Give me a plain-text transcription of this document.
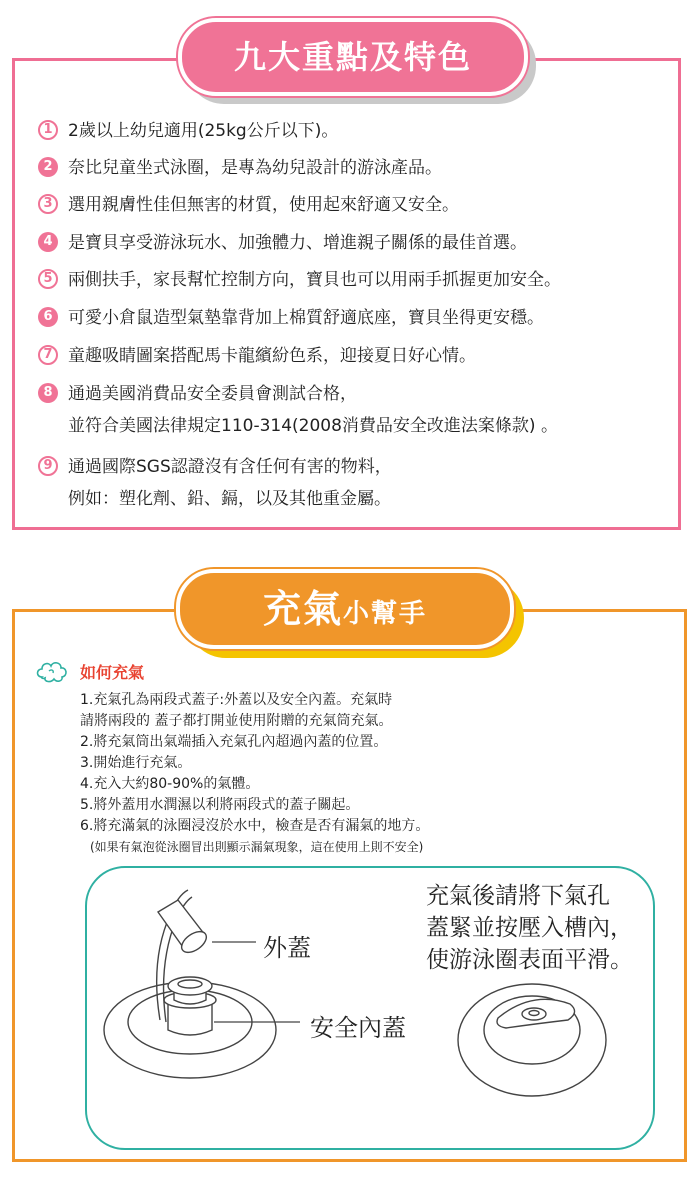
九大重點及特色
1 2歲以上幼兒適用(25kg公斤以下)。
2 奈比兒童坐式泳圈，是專為幼兒設計的游泳產品。
3 選用親膚性佳但無害的材質，使用起來舒適又安全。
4 是寶貝享受游泳玩水、加強體力、增進親子關係的最佳首選。
5 兩側扶手，家長幫忙控制方向，寶貝也可以用兩手抓握更加安全。
6 可愛小倉鼠造型氣墊靠背加上棉質舒適底座，寶貝坐得更安穩。
7 童趣吸睛圖案搭配馬卡龍繽紛色系，迎接夏日好心情。
8 通過美國消費品安全委員會測試合格，
並符合美國法律規定110-314(2008消費品安全改進法案條款) 。
9 通過國際SGS認證沒有含任何有害的物料，
例如：塑化劑、鉛、鎘，以及其他重金屬。
充氣小幫手
如何充氣
1.充氣孔為兩段式蓋子:外蓋以及安全內蓋。充氣時
請將兩段的 蓋子都打開並使用附贈的充氣筒充氣。
2.將充氣筒出氣端插入充氣孔內超過內蓋的位置。
3.開始進行充氣。
4.充入大約80-90%的氣體。
5.將外蓋用水潤濕以利將兩段式的蓋子關起。
6.將充滿氣的泳圈浸沒於水中，檢查是否有漏氣的地方。
(如果有氣泡從泳圈冒出則顯示漏氣現象，這在使用上則不安全)
外蓋
安全內蓋
充氣後請將下氣孔
蓋緊並按壓入槽內，
使游泳圈表面平滑。
